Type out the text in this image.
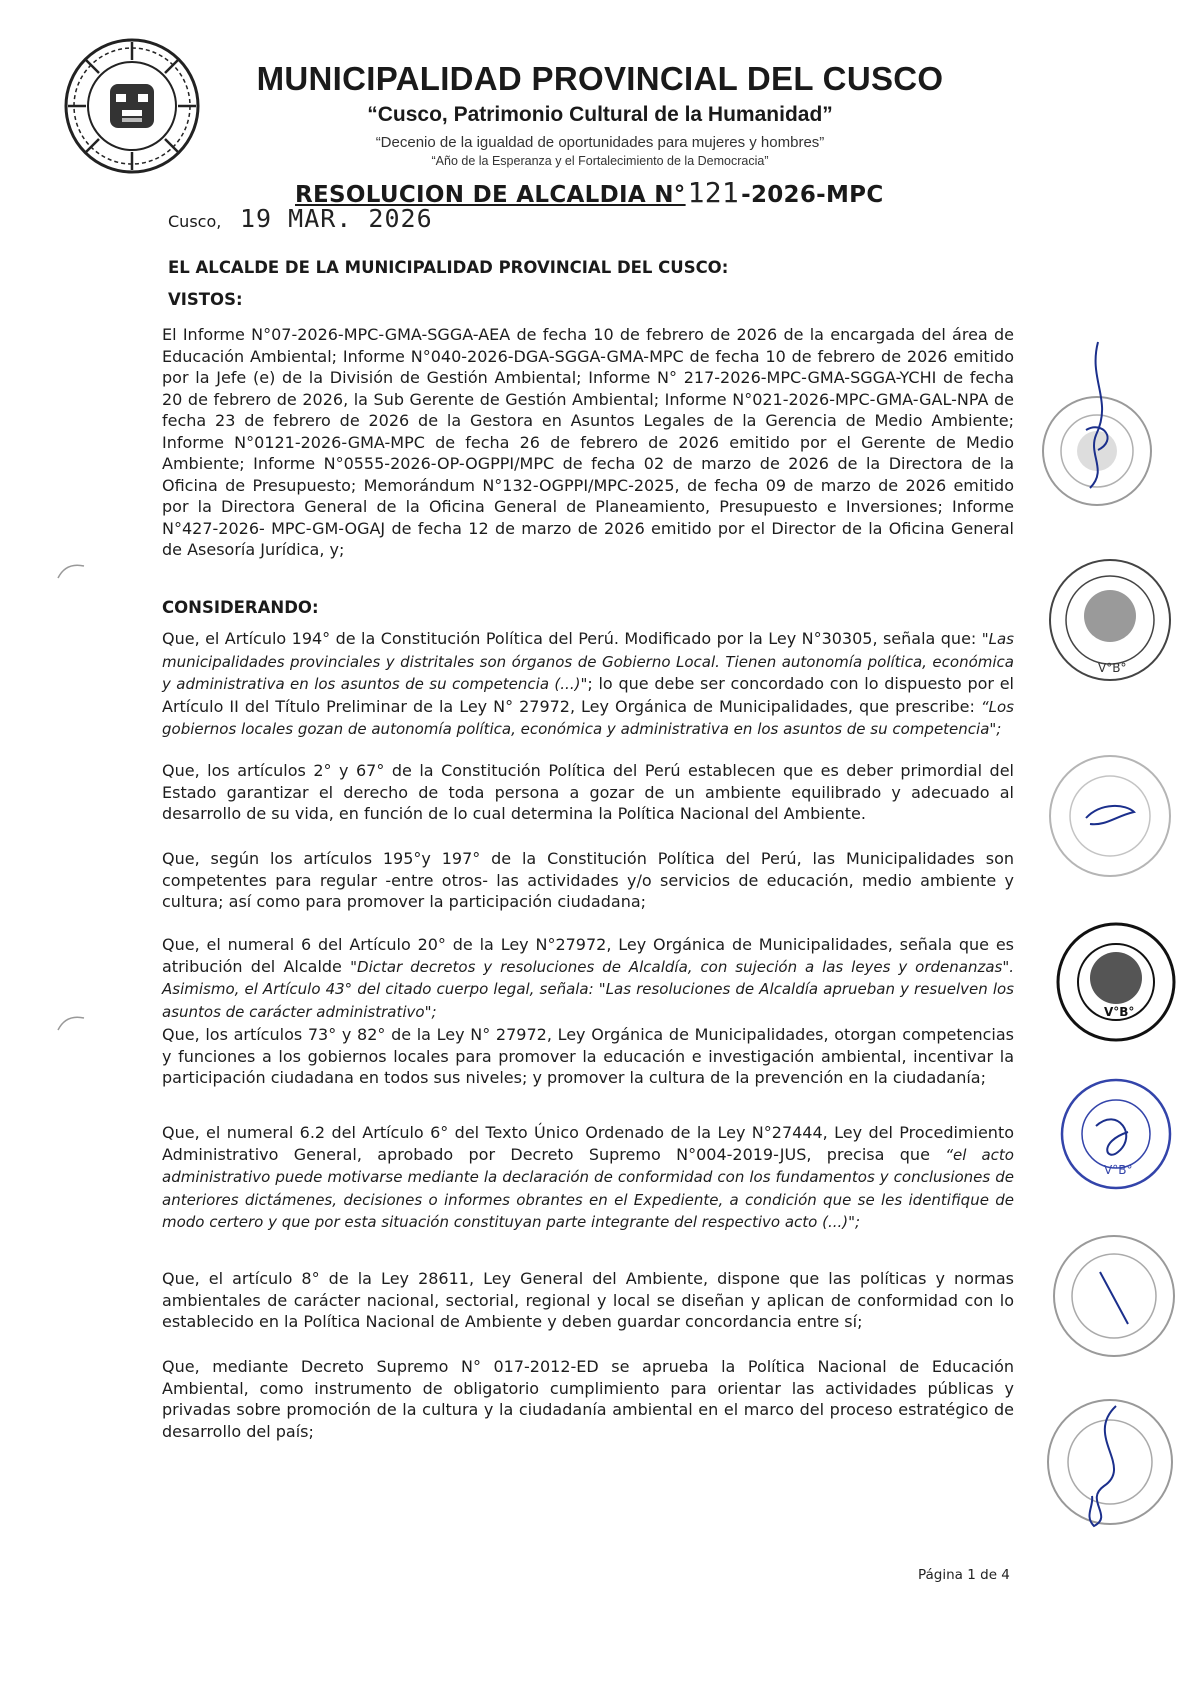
MUNICIPALIDAD PROVINCIAL DEL CUSCO
“Cusco, Patrimonio Cultural de la Humanidad”
“Decenio de la igualdad de oportunidades para mujeres y hombres”
“Año de la Esperanza y el Fortalecimiento de la Democracia”
RESOLUCION DE ALCALDIA N°121-2026-MPC
Cusco, 19 MAR. 2026
EL ALCALDE DE LA MUNICIPALIDAD PROVINCIAL DEL CUSCO:
VISTOS:
El Informe N°07-2026-MPC-GMA-SGGA-AEA de fecha 10 de febrero de 2026 de la encargada del área de Educación Ambiental; Informe N°040-2026-DGA-SGGA-GMA-MPC de fecha 10 de febrero de 2026 emitido por la Jefe (e) de la División de Gestión Ambiental; Informe N° 217-2026-MPC-GMA-SGGA-YCHI de fecha 20 de febrero de 2026, la Sub Gerente de Gestión Ambiental; Informe N°021-2026-MPC-GMA-GAL-NPA de fecha 23 de febrero de 2026 de la Gestora en Asuntos Legales de la Gerencia de Medio Ambiente; Informe N°0121-2026-GMA-MPC de fecha 26 de febrero de 2026 emitido por el Gerente de Medio Ambiente; Informe N°0555-2026-OP-OGPPI/MPC de fecha 02 de marzo de 2026 de la Directora de la Oficina de Presupuesto; Memorándum N°132-OGPPI/MPC-2025, de fecha 09 de marzo de 2026 emitido por la Directora General de la Oficina General de Planeamiento, Presupuesto e Inversiones; Informe N°427-2026- MPC-GM-OGAJ de fecha 12 de marzo de 2026 emitido por el Director de la Oficina General de Asesoría Jurídica, y;
CONSIDERANDO:
Que, el Artículo 194° de la Constitución Política del Perú. Modificado por la Ley N°30305, señala que: "Las municipalidades provinciales y distritales son órganos de Gobierno Local. Tienen autonomía política, económica y administrativa en los asuntos de su competencia (...)"; lo que debe ser concordado con lo dispuesto por el Artículo II del Título Preliminar de la Ley N° 27972, Ley Orgánica de Municipalidades, que prescribe: “Los gobiernos locales gozan de autonomía política, económica y administrativa en los asuntos de su competencia";
Que, los artículos 2° y 67° de la Constitución Política del Perú establecen que es deber primordial del Estado garantizar el derecho de toda persona a gozar de un ambiente equilibrado y adecuado al desarrollo de su vida, en función de lo cual determina la Política Nacional del Ambiente.
Que, según los artículos 195°y 197° de la Constitución Política del Perú, las Municipalidades son competentes para regular -entre otros- las actividades y/o servicios de educación, medio ambiente y cultura; así como para promover la participación ciudadana;
Que, el numeral 6 del Artículo 20° de la Ley N°27972, Ley Orgánica de Municipalidades, señala que es atribución del Alcalde "Dictar decretos y resoluciones de Alcaldía, con sujeción a las leyes y ordenanzas". Asimismo, el Artículo 43° del citado cuerpo legal, señala: "Las resoluciones de Alcaldía aprueban y resuelven los asuntos de carácter administrativo";
Que, los artículos 73° y 82° de la Ley N° 27972, Ley Orgánica de Municipalidades, otorgan competencias y funciones a los gobiernos locales para promover la educación e investigación ambiental, incentivar la participación ciudadana en todos sus niveles; y promover la cultura de la prevención en la ciudadanía;
Que, el numeral 6.2 del Artículo 6° del Texto Único Ordenado de la Ley N°27444, Ley del Procedimiento Administrativo General, aprobado por Decreto Supremo N°004-2019-JUS, precisa que “el acto administrativo puede motivarse mediante la declaración de conformidad con los fundamentos y conclusiones de anteriores dictámenes, decisiones o informes obrantes en el Expediente, a condición que se les identifique de modo certero y que por esta situación constituyan parte integrante del respectivo acto (...)";
Que, el artículo 8° de la Ley 28611, Ley General del Ambiente, dispone que las políticas y normas ambientales de carácter nacional, sectorial, regional y local se diseñan y aplican de conformidad con lo establecido en la Política Nacional de Ambiente y deben guardar concordancia entre sí;
Que, mediante Decreto Supremo N° 017-2012-ED se aprueba la Política Nacional de Educación Ambiental, como instrumento de obligatorio cumplimiento para orientar las actividades públicas y privadas sobre promoción de la cultura y la ciudadanía ambiental en el marco del proceso estratégico de desarrollo del país;
Página 1 de 4
V°B°
V°B°
V°B°
